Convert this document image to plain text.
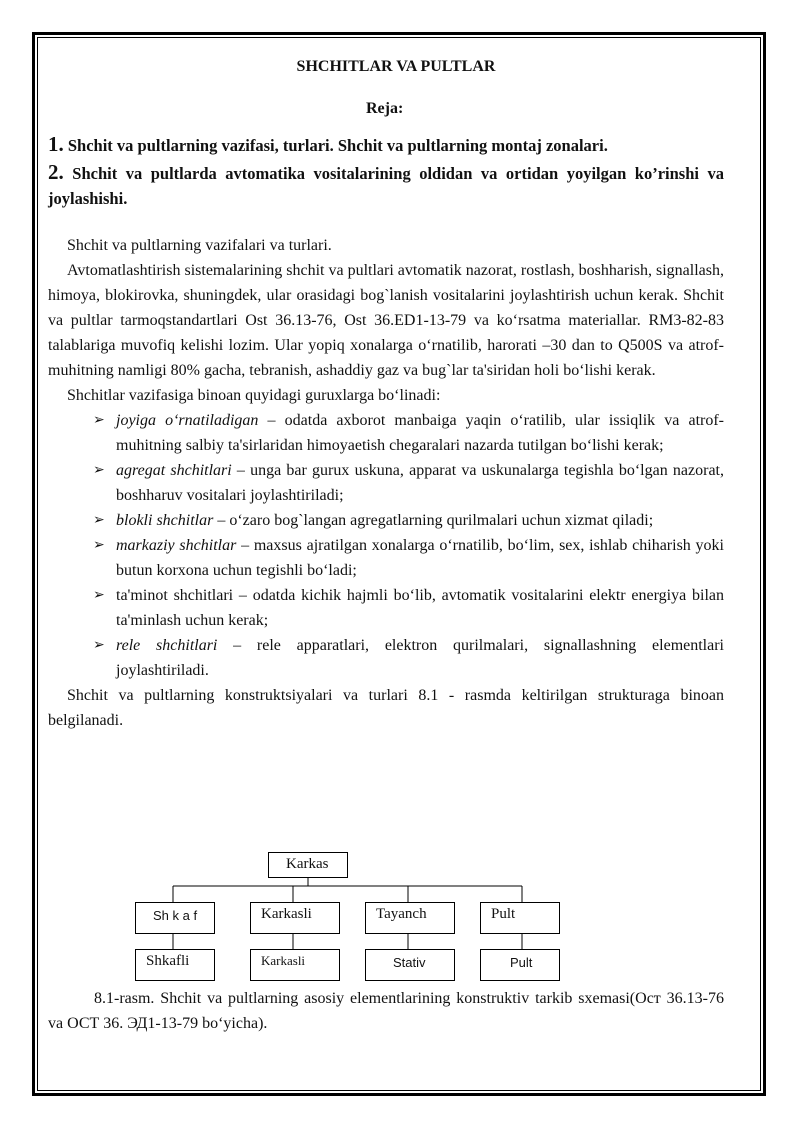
SHCHITLAR VA PULTLAR

Reja:

1. Shchit va pultlarning vazifasi, turlari. Shchit va pultlarning montaj zonalari.

2. Shchit va pultlarda avtomatika vositalarining oldidan va ortidan yoyilgan ko’rinshi va joylashishi.

Shchit va pultlarning vazifalari va turlari.

Avtomatlashtirish sistemalarining shchit va pultlari avtomatik nazorat, rostlash, boshharish, signallash, himoya, blokirovka, shuningdek, ular orasidagi bog`lanish vositalarini joylashtirish uchun kerak. Shchit va pultlar tarmoqstandartlari Ost 36.13-76, Ost 36.ED1-13-79 va koʻrsatma materiallar. RM3-82-83 talablariga muvofiq kelishi lozim. Ular yopiq xonalarga oʻrnatilib, harorati –30 dan to Q500S va atrof-muhitning namligi 80% gacha, tebranish, ashaddiy gaz va bug`lar ta'siridan holi boʻlishi kerak.

Shchitlar vazifasiga binoan quyidagi guruxlarga boʻlinadi:

➢ joyiga oʻrnatiladigan – odatda axborot manbaiga yaqin oʻratilib, ular issiqlik va atrof-muhitning salbiy ta'sirlaridan himoyaetish chegaralari nazarda tutilgan boʻlishi kerak;
➢ agregat shchitlari – unga bar gurux uskuna, apparat va uskunalarga tegishla boʻlgan nazorat, boshharuv vositalari joylashtiriladi;
➢ blokli shchitlar – oʻzaro bog`langan agregatlarning qurilmalari uchun xizmat qiladi;
➢ markaziy shchitlar – maxsus ajratilgan xonalarga oʻrnatilib, boʻlim, sex, ishlab chiharish yoki butun korxona uchun tegishli boʻladi;
➢ ta'minot shchitlari – odatda kichik hajmli boʻlib, avtomatik vositalarini elektr energiya bilan ta'minlash uchun kerak;
➢ rele shchitlari – rele apparatlari, elektron qurilmalari, signallashning elementlari joylashtiriladi.

Shchit va pultlarning konstruktsiyalari va turlari 8.1 - rasmda keltirilgan strukturaga binoan belgilanadi.

Karkas
Sh k a f	Karkasli	Tayanch	Pult
Shkafli	Karkasli	Stativ	Pult

8.1-rasm. Shchit va pultlarning asosiy elementlarining konstruktiv tarkib sxemasi(Ост 36.13-76 va ОСТ 36. ЭД1-13-79 boʻyicha).
